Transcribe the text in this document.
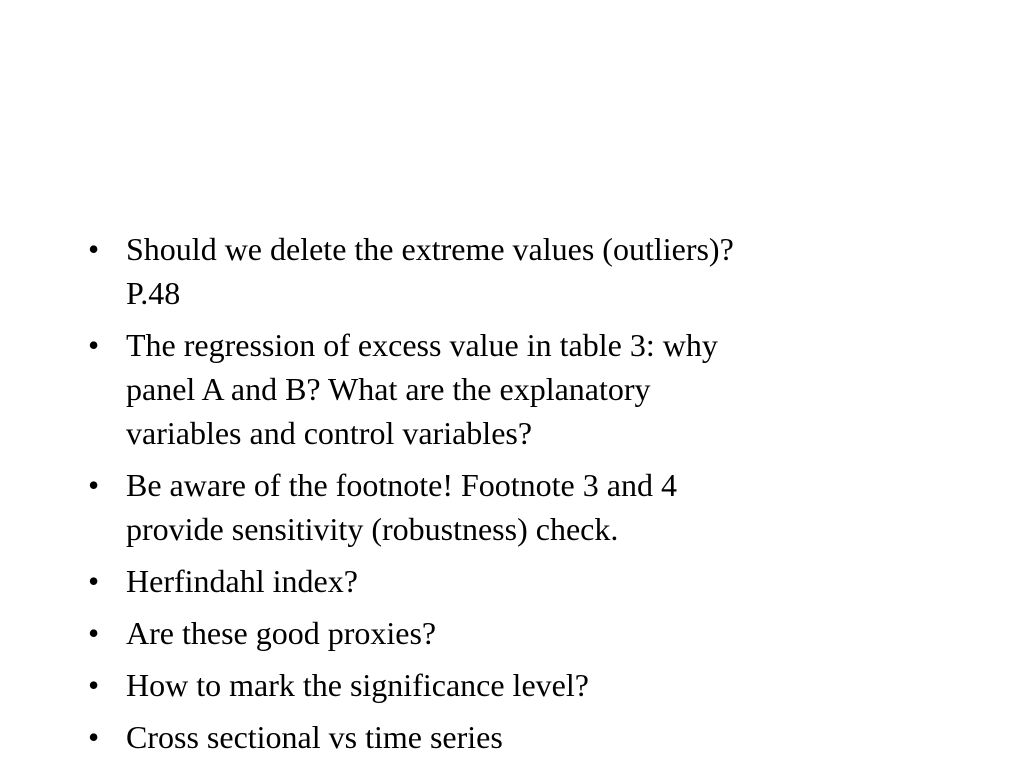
• Should we delete the extreme values (outliers)?
P.48
• The regression of excess value in table 3: why
panel A and B? What are the explanatory
variables and control variables?
• Be aware of the footnote! Footnote 3 and 4
provide sensitivity (robustness) check.
• Herfindahl index?
• Are these good proxies?
• How to mark the significance level?
• Cross sectional vs time series
